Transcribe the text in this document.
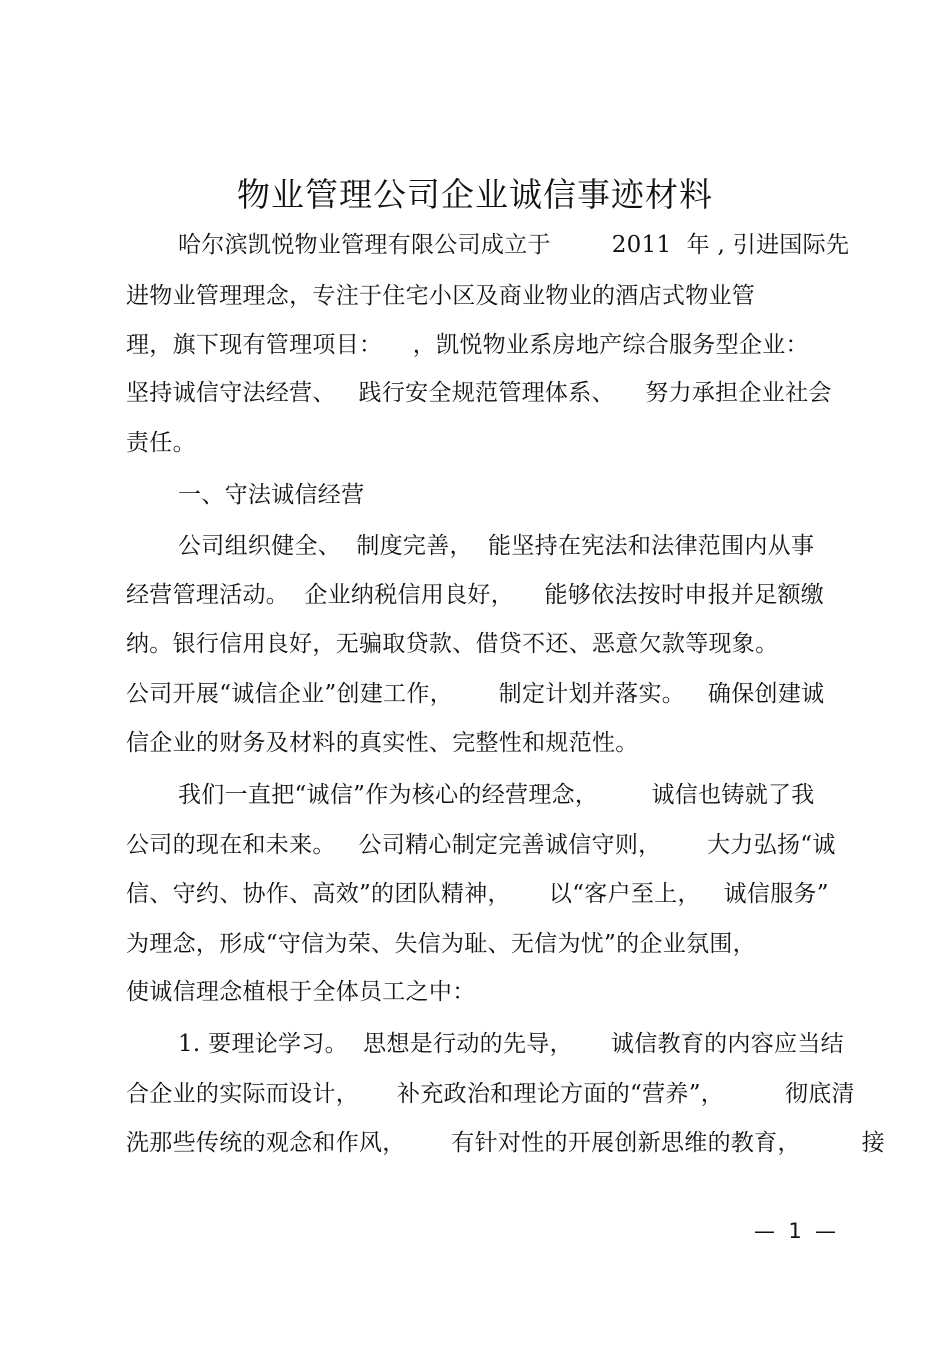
物业管理公司企业诚信事迹材料
哈尔滨凯悦物业管理有限公司成立于        2011  年 , 引进国际先
进物业管理理念，专注于住宅小区及商业物业的酒店式物业管
理，旗下现有管理项目：    ，凯悦物业系房地产综合服务型企业：
坚持诚信守法经营、   践行安全规范管理体系、    努力承担企业社会
责任。
一、守法诚信经营
公司组织健全、  制度完善，  能坚持在宪法和法律范围内从事
经营管理活动。  企业纳税信用良好，    能够依法按时申报并足额缴
纳。银行信用良好，无骗取贷款、借贷不还、恶意欠款等现象。
公司开展“诚信企业”创建工作，      制定计划并落实。   确保创建诚
信企业的财务及材料的真实性、完整性和规范性。
我们一直把“诚信”作为核心的经营理念，       诚信也铸就了我
公司的现在和未来。   公司精心制定完善诚信守则，      大力弘扬“诚
信、守约、协作、高效”的团队精神，     以“客户至上，   诚信服务”
为理念，形成“守信为荣、失信为耻、无信为忧”的企业氛围，
使诚信理念植根于全体员工之中：
1. 要理论学习。  思想是行动的先导，     诚信教育的内容应当结
合企业的实际而设计，     补充政治和理论方面的“营养”，        彻底清
洗那些传统的观念和作风，      有针对性的开展创新思维的教育，        接
—  1  —
